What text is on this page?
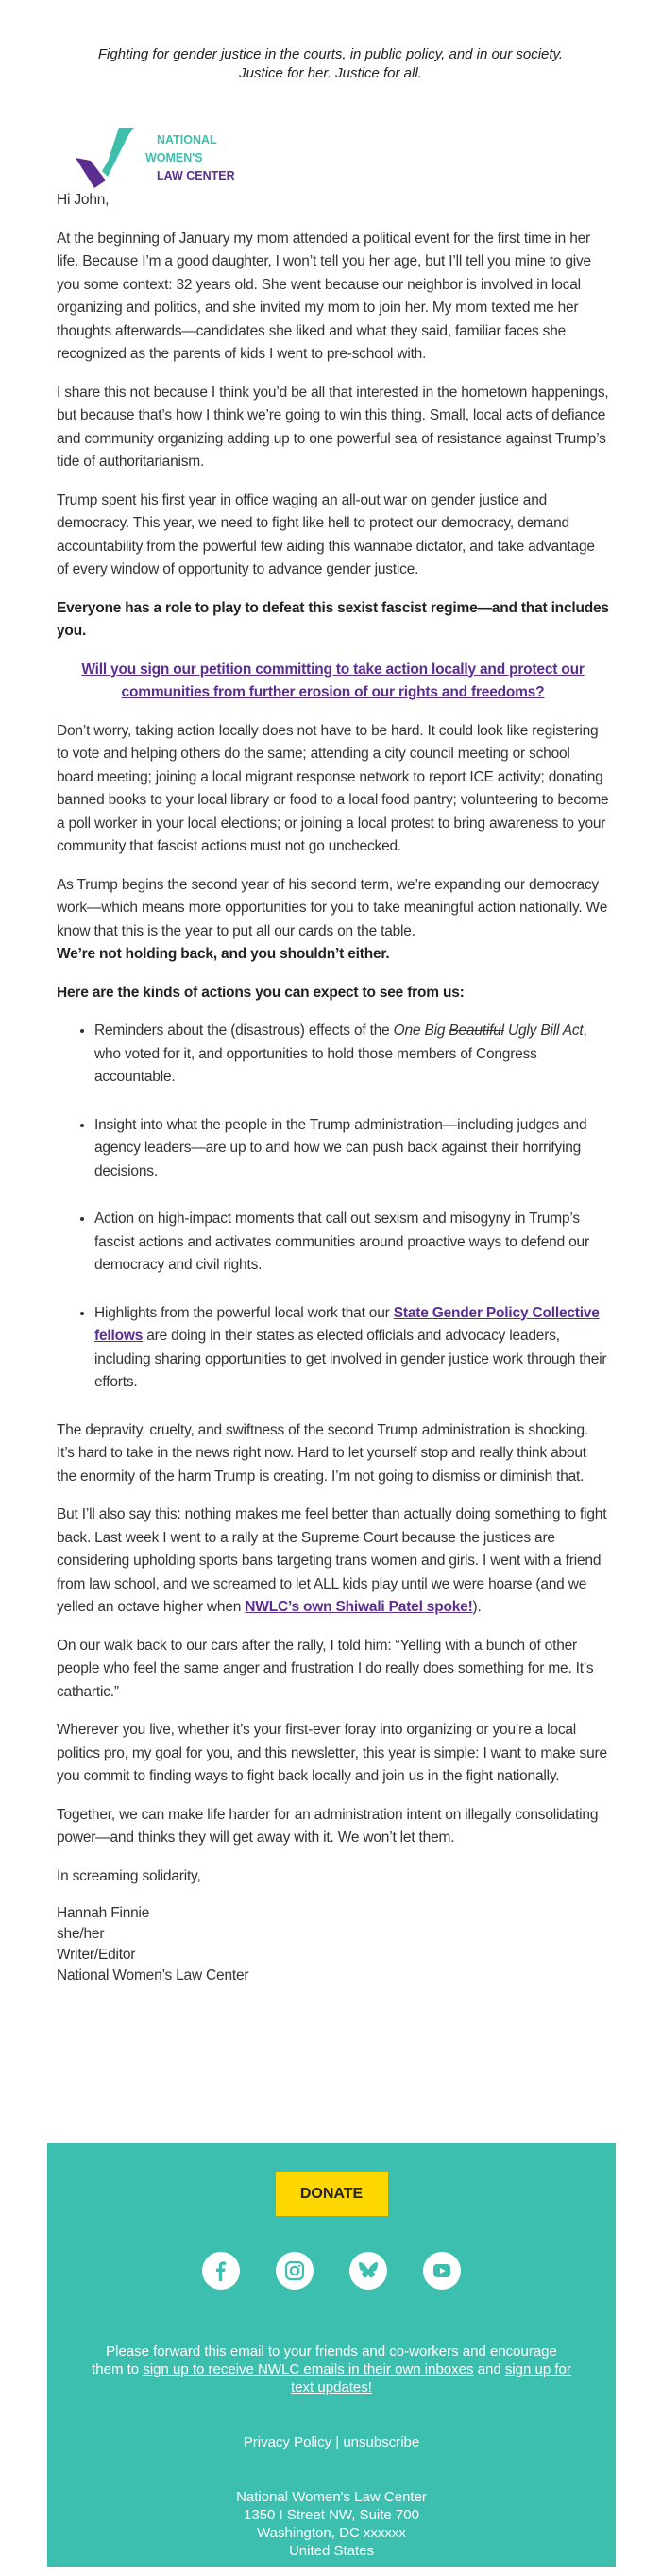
Fighting for gender justice in the courts, in public policy, and in our society.
Justice for her. Justice for all.
NATIONAL
WOMEN'S
LAW CENTER

Hi John,

At the beginning of January my mom attended a political event for the first time in her life. Because I’m a good daughter, I won’t tell you her age, but I’ll tell you mine to give you some context: 32 years old. She went because our neighbor is involved in local organizing and politics, and she invited my mom to join her. My mom texted me her thoughts afterwards—candidates she liked and what they said, familiar faces she recognized as the parents of kids I went to pre-school with.

I share this not because I think you’d be all that interested in the hometown happenings, but because that’s how I think we’re going to win this thing. Small, local acts of defiance and community organizing adding up to one powerful sea of resistance against Trump’s tide of authoritarianism.

Trump spent his first year in office waging an all-out war on gender justice and democracy. This year, we need to fight like hell to protect our democracy, demand accountability from the powerful few aiding this wannabe dictator, and take advantage of every window of opportunity to advance gender justice.

Everyone has a role to play to defeat this sexist fascist regime—and that includes you.

Will you sign our petition committing to take action locally and protect our communities from further erosion of our rights and freedoms?

Don’t worry, taking action locally does not have to be hard. It could look like registering to vote and helping others do the same; attending a city council meeting or school board meeting; joining a local migrant response network to report ICE activity; donating banned books to your local library or food to a local food pantry; volunteering to become a poll worker in your local elections; or joining a local protest to bring awareness to your community that fascist actions must not go unchecked.

As Trump begins the second year of his second term, we’re expanding our democracy work—which means more opportunities for you to take meaningful action nationally. We know that this is the year to put all our cards on the table.
We’re not holding back, and you shouldn’t either.

Here are the kinds of actions you can expect to see from us:

• Reminders about the (disastrous) effects of the One Big Beautiful Ugly Bill Act, who voted for it, and opportunities to hold those members of Congress accountable.
• Insight into what the people in the Trump administration—including judges and agency leaders—are up to and how we can push back against their horrifying decisions.
• Action on high-impact moments that call out sexism and misogyny in Trump’s fascist actions and activates communities around proactive ways to defend our democracy and civil rights.
• Highlights from the powerful local work that our State Gender Policy Collective fellows are doing in their states as elected officials and advocacy leaders, including sharing opportunities to get involved in gender justice work through their efforts.

The depravity, cruelty, and swiftness of the second Trump administration is shocking. It’s hard to take in the news right now. Hard to let yourself stop and really think about the enormity of the harm Trump is creating. I’m not going to dismiss or diminish that.

But I’ll also say this: nothing makes me feel better than actually doing something to fight back. Last week I went to a rally at the Supreme Court because the justices are considering upholding sports bans targeting trans women and girls. I went with a friend from law school, and we screamed to let ALL kids play until we were hoarse (and we yelled an octave higher when NWLC’s own Shiwali Patel spoke!).

On our walk back to our cars after the rally, I told him: “Yelling with a bunch of other people who feel the same anger and frustration I do really does something for me. It’s cathartic.”

Wherever you live, whether it’s your first-ever foray into organizing or you’re a local politics pro, my goal for you, and this newsletter, this year is simple: I want to make sure you commit to finding ways to fight back locally and join us in the fight nationally.

Together, we can make life harder for an administration intent on illegally consolidating power—and thinks they will get away with it. We won’t let them.

In screaming solidarity,

Hannah Finnie
she/her
Writer/Editor
National Women’s Law Center

DONATE
Please forward this email to your friends and co-workers and encourage them to sign up to receive NWLC emails in their own inboxes and sign up for text updates!
Privacy Policy | unsubscribe
National Women's Law Center
1350 I Street NW, Suite 700
Washington, DC xxxxxx
United States
